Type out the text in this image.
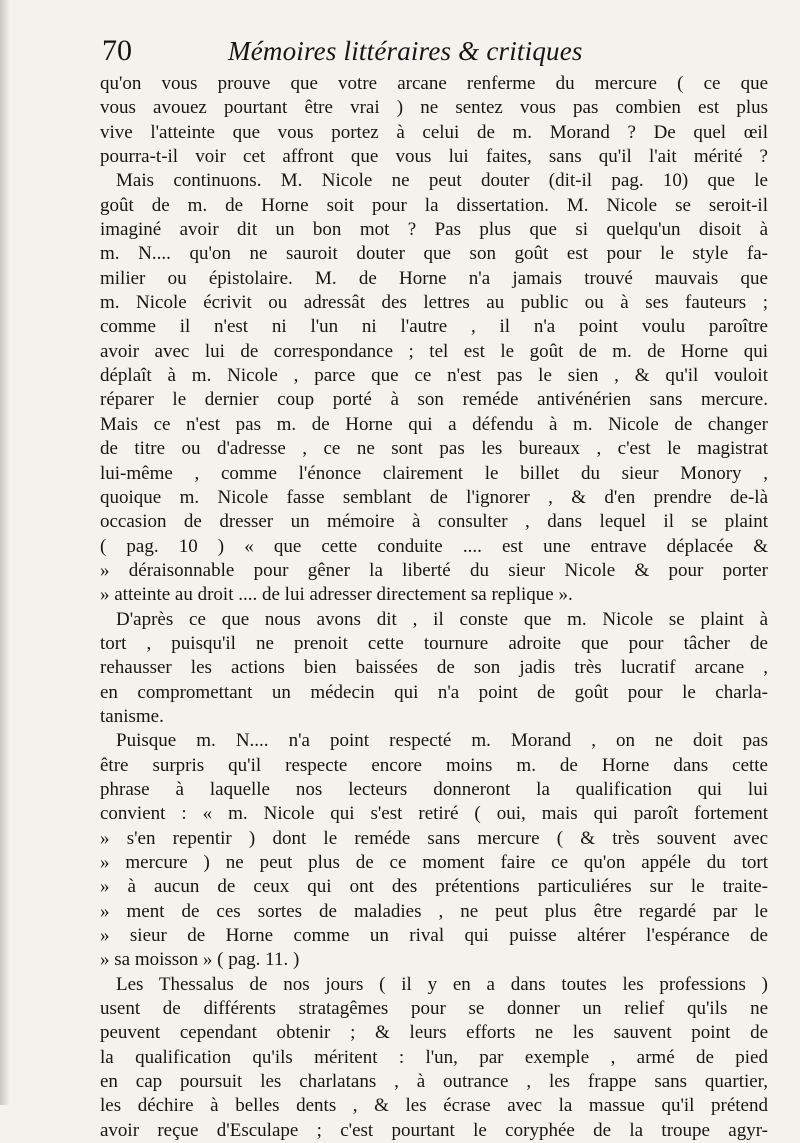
70	Mémoires littéraires & critiques
qu'on vous prouve que votre arcane renferme du mercure ( ce que
vous avouez pourtant être vrai ) ne sentez vous pas combien est plus
vive l'atteinte que vous portez à celui de m. Morand ? De quel œil
pourra-t-il voir cet affront que vous lui faites, sans qu'il l'ait mérité ?
Mais continuons. M. Nicole ne peut douter (dit-il pag. 10) que le
goût de m. de Horne soit pour la dissertation. M. Nicole se seroit-il
imaginé avoir dit un bon mot ? Pas plus que si quelqu'un disoit à
m. N.... qu'on ne sauroit douter que son goût est pour le style fa-
milier ou épistolaire. M. de Horne n'a jamais trouvé mauvais que
m. Nicole écrivit ou adressât des lettres au public ou à ses fauteurs ;
comme il n'est ni l'un ni l'autre , il n'a point voulu paroître
avoir avec lui de correspondance ; tel est le goût de m. de Horne qui
déplaît à m. Nicole , parce que ce n'est pas le sien , & qu'il vouloit
réparer le dernier coup porté à son reméde antivénérien sans mercure.
Mais ce n'est pas m. de Horne qui a défendu à m. Nicole de changer
de titre ou d'adresse , ce ne sont pas les bureaux , c'est le magistrat
lui-même , comme l'énonce clairement le billet du sieur Monory ,
quoique m. Nicole fasse semblant de l'ignorer , & d'en prendre de-là
occasion de dresser un mémoire à consulter , dans lequel il se plaint
( pag. 10 ) « que cette conduite .... est une entrave déplacée &
» déraisonnable pour gêner la liberté du sieur Nicole & pour porter
» atteinte au droit .... de lui adresser directement sa replique ».
D'après ce que nous avons dit , il conste que m. Nicole se plaint à
tort , puisqu'il ne prenoit cette tournure adroite que pour tâcher de
rehausser les actions bien baissées de son jadis très lucratif arcane ,
en compromettant un médecin qui n'a point de goût pour le charla-
tanisme.
Puisque m. N.... n'a point respecté m. Morand , on ne doit pas
être surpris qu'il respecte encore moins m. de Horne dans cette
phrase à laquelle nos lecteurs donneront la qualification qui lui
convient : « m. Nicole qui s'est retiré ( oui, mais qui paroît fortement
» s'en repentir ) dont le reméde sans mercure ( & très souvent avec
» mercure ) ne peut plus de ce moment faire ce qu'on appéle du tort
» à aucun de ceux qui ont des prétentions particuliéres sur le traite-
» ment de ces sortes de maladies , ne peut plus être regardé par le
» sieur de Horne comme un rival qui puisse altérer l'espérance de
» sa moisson » ( pag. 11. )
Les Thessalus de nos jours ( il y en a dans toutes les professions )
usent de différents stratagêmes pour se donner un relief qu'ils ne
peuvent cependant obtenir ; & leurs efforts ne les sauvent point de
la qualification qu'ils méritent : l'un, par exemple , armé de pied
en cap poursuit les charlatans , à outrance , les frappe sans quartier,
les déchire à belles dents , & les écrase avec la massue qu'il prétend
avoir reçue d'Esculape ; c'est pourtant le coryphée de la troupe agyr-
